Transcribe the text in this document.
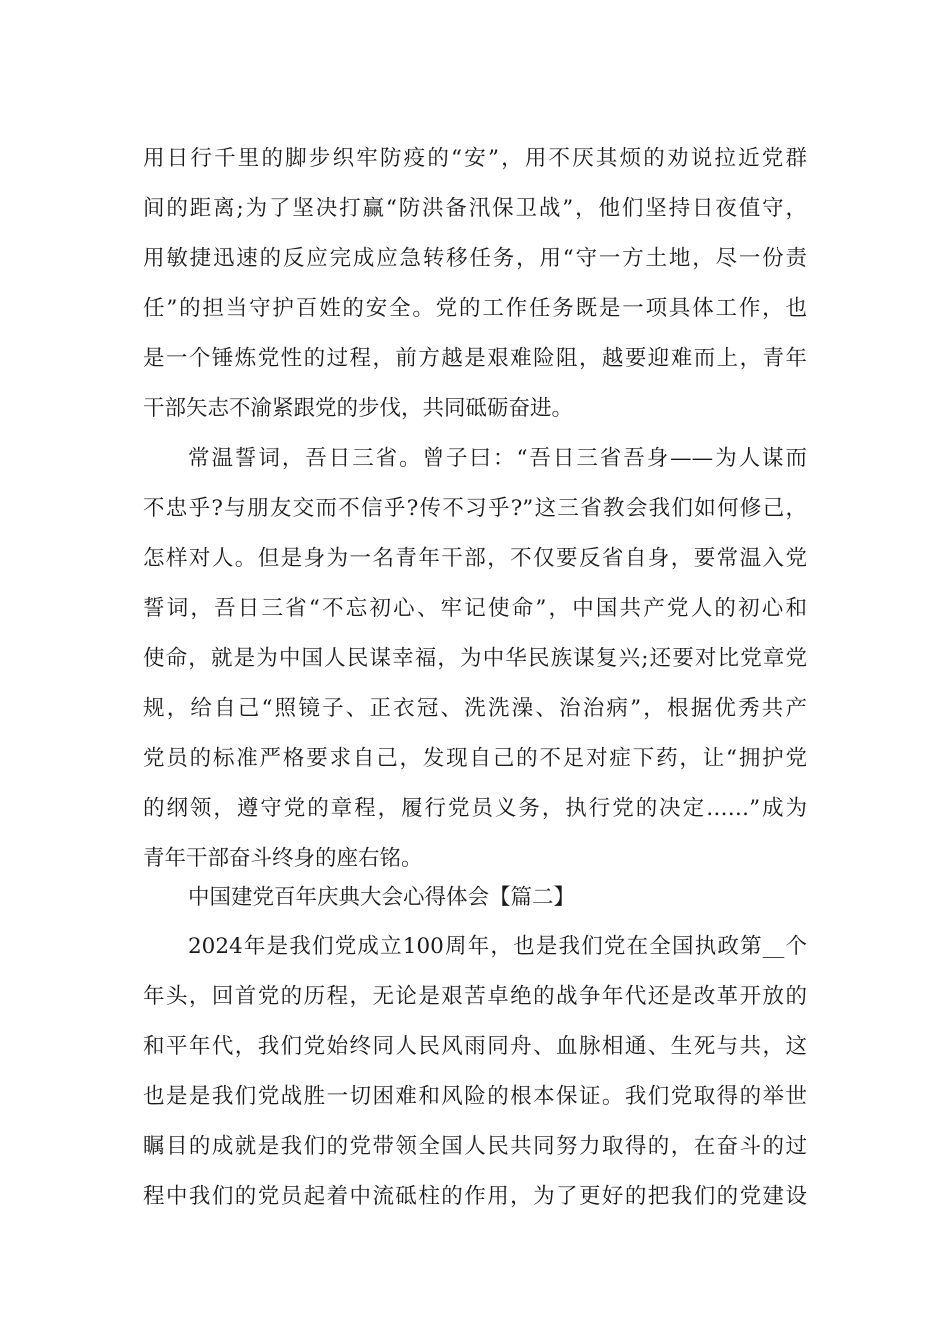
用日行千里的脚步织牢防疫的“安”，用不厌其烦的劝说拉近党群
间的距离;为了坚决打赢“防洪备汛保卫战”，他们坚持日夜值守，
用敏捷迅速的反应完成应急转移任务，用“守一方土地，尽一份责
任”的担当守护百姓的安全。党的工作任务既是一项具体工作，也
是一个锤炼党性的过程，前方越是艰难险阻，越要迎难而上，青年
干部矢志不渝紧跟党的步伐，共同砥砺奋进。
常温誓词，吾日三省。曾子曰：“吾日三省吾身——为人谋而
不忠乎?与朋友交而不信乎?传不习乎?”这三省教会我们如何修己，
怎样对人。但是身为一名青年干部，不仅要反省自身，要常温入党
誓词，吾日三省“不忘初心、牢记使命”，中国共产党人的初心和
使命，就是为中国人民谋幸福，为中华民族谋复兴;还要对比党章党
规，给自己“照镜子、正衣冠、洗洗澡、治治病”，根据优秀共产
党员的标准严格要求自己，发现自己的不足对症下药，让“拥护党
的纲领，遵守党的章程，履行党员义务，执行党的决定……”成为
青年干部奋斗终身的座右铭。
中国建党百年庆典大会心得体会【篇二】
2024年是我们党成立100周年，也是我们党在全国执政第__个
年头，回首党的历程，无论是艰苦卓绝的战争年代还是改革开放的
和平年代，我们党始终同人民风雨同舟、血脉相通、生死与共，这
也是是我们党战胜一切困难和风险的根本保证。我们党取得的举世
瞩目的成就是我们的党带领全国人民共同努力取得的，在奋斗的过
程中我们的党员起着中流砥柱的作用，为了更好的把我们的党建设
